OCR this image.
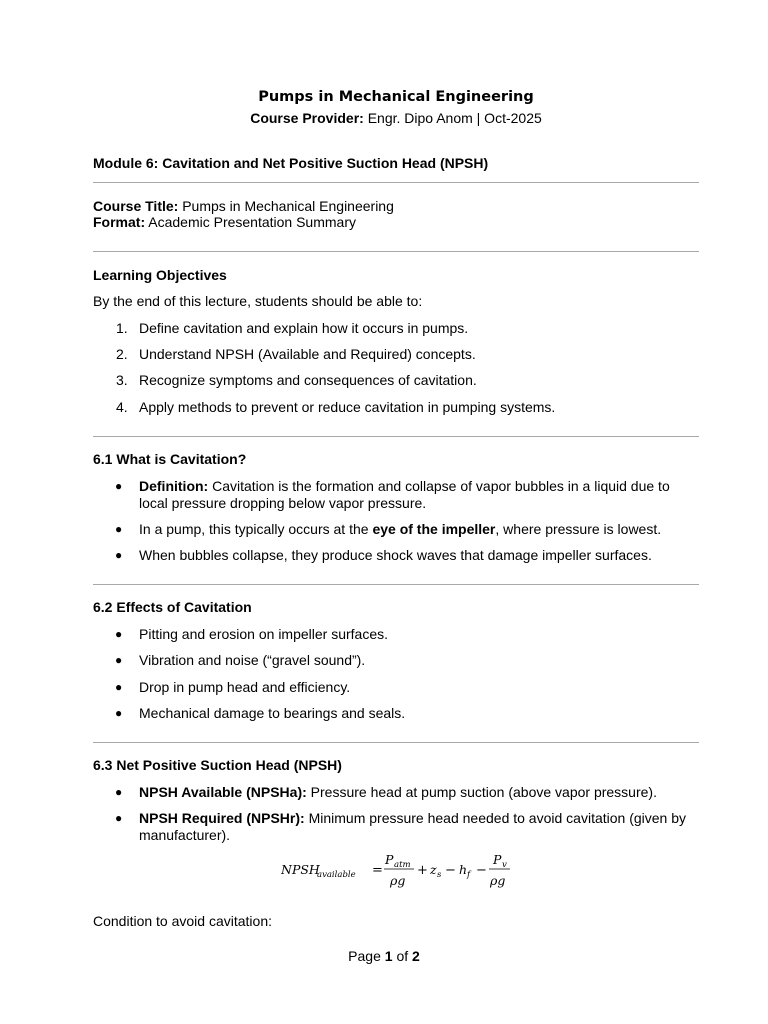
Pumps in Mechanical Engineering
Course Provider: Engr. Dipo Anom | Oct-2025
Module 6: Cavitation and Net Positive Suction Head (NPSH)
Course Title: Pumps in Mechanical Engineering
Format: Academic Presentation Summary
Learning Objectives
By the end of this lecture, students should be able to:
1. Define cavitation and explain how it occurs in pumps.
2. Understand NPSH (Available and Required) concepts.
3. Recognize symptoms and consequences of cavitation.
4. Apply methods to prevent or reduce cavitation in pumping systems.
6.1 What is Cavitation?
● Definition: Cavitation is the formation and collapse of vapor bubbles in a liquid due to local pressure dropping below vapor pressure.
● In a pump, this typically occurs at the eye of the impeller, where pressure is lowest.
● When bubbles collapse, they produce shock waves that damage impeller surfaces.
6.2 Effects of Cavitation
● Pitting and erosion on impeller surfaces.
● Vibration and noise (“gravel sound”).
● Drop in pump head and efficiency.
● Mechanical damage to bearings and seals.
6.3 Net Positive Suction Head (NPSH)
● NPSH Available (NPSHa): Pressure head at pump suction (above vapor pressure).
● NPSH Required (NPSHr): Minimum pressure head needed to avoid cavitation (given by manufacturer).
NPSH
available =
P atm
ρg
+ z s − h f −
P v
ρg
Condition to avoid cavitation:
Page 1 of 2
